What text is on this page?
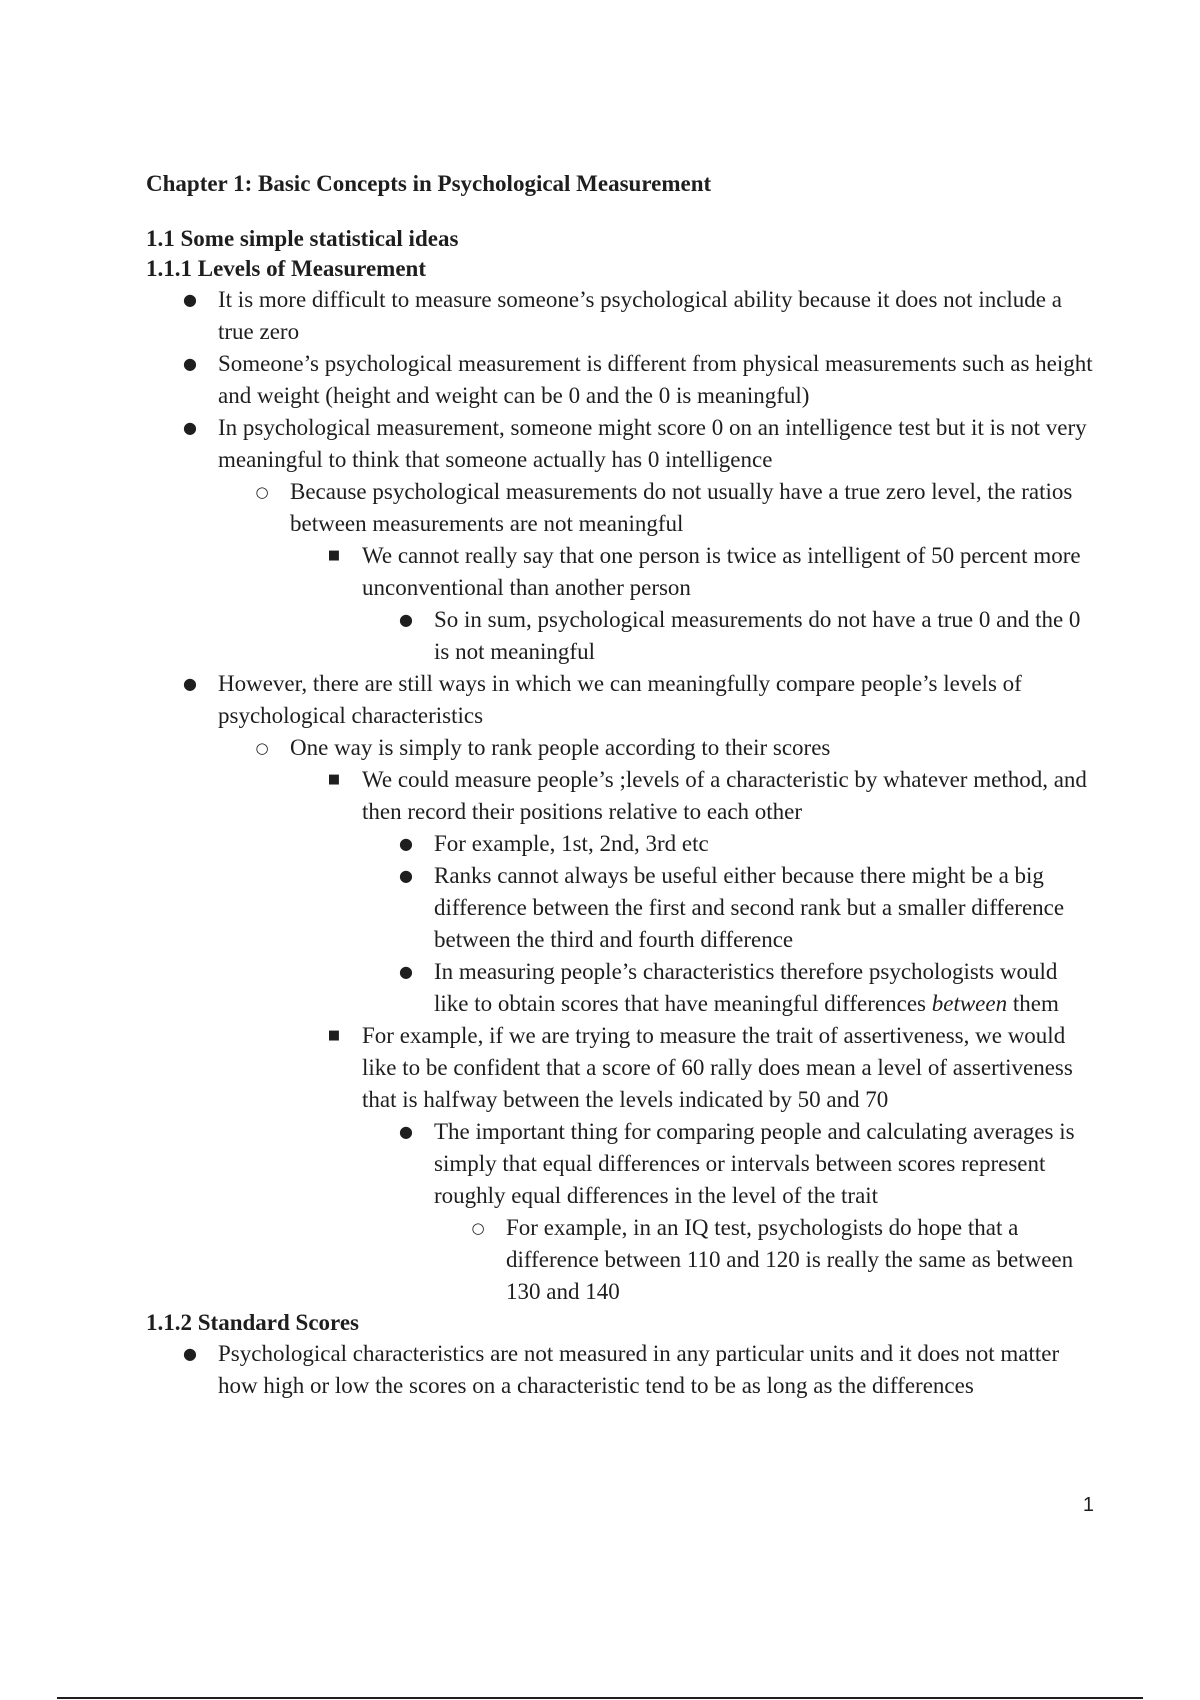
Chapter 1: Basic Concepts in Psychological Measurement
1.1 Some simple statistical ideas
1.1.1 Levels of Measurement
● It is more difficult to measure someone’s psychological ability because it does not include a true zero
● Someone’s psychological measurement is different from physical measurements such as height and weight (height and weight can be 0 and the 0 is meaningful)
● In psychological measurement, someone might score 0 on an intelligence test but it is not very meaningful to think that someone actually has 0 intelligence
○ Because psychological measurements do not usually have a true zero level, the ratios between measurements are not meaningful
■ We cannot really say that one person is twice as intelligent of 50 percent more unconventional than another person
● So in sum, psychological measurements do not have a true 0 and the 0 is not meaningful
● However, there are still ways in which we can meaningfully compare people’s levels of psychological characteristics
○ One way is simply to rank people according to their scores
■ We could measure people’s ;levels of a characteristic by whatever method, and then record their positions relative to each other
● For example, 1st, 2nd, 3rd etc
● Ranks cannot always be useful either because there might be a big difference between the first and second rank but a smaller difference between the third and fourth difference
● In measuring people’s characteristics therefore psychologists would like to obtain scores that have meaningful differences between them
■ For example, if we are trying to measure the trait of assertiveness, we would like to be confident that a score of 60 rally does mean a level of assertiveness that is halfway between the levels indicated by 50 and 70
● The important thing for comparing people and calculating averages is simply that equal differences or intervals between scores represent roughly equal differences in the level of the trait
○ For example, in an IQ test, psychologists do hope that a difference between 110 and 120 is really the same as between 130 and 140
1.1.2 Standard Scores
● Psychological characteristics are not measured in any particular units and it does not matter how high or low the scores on a characteristic tend to be as long as the differences
1
